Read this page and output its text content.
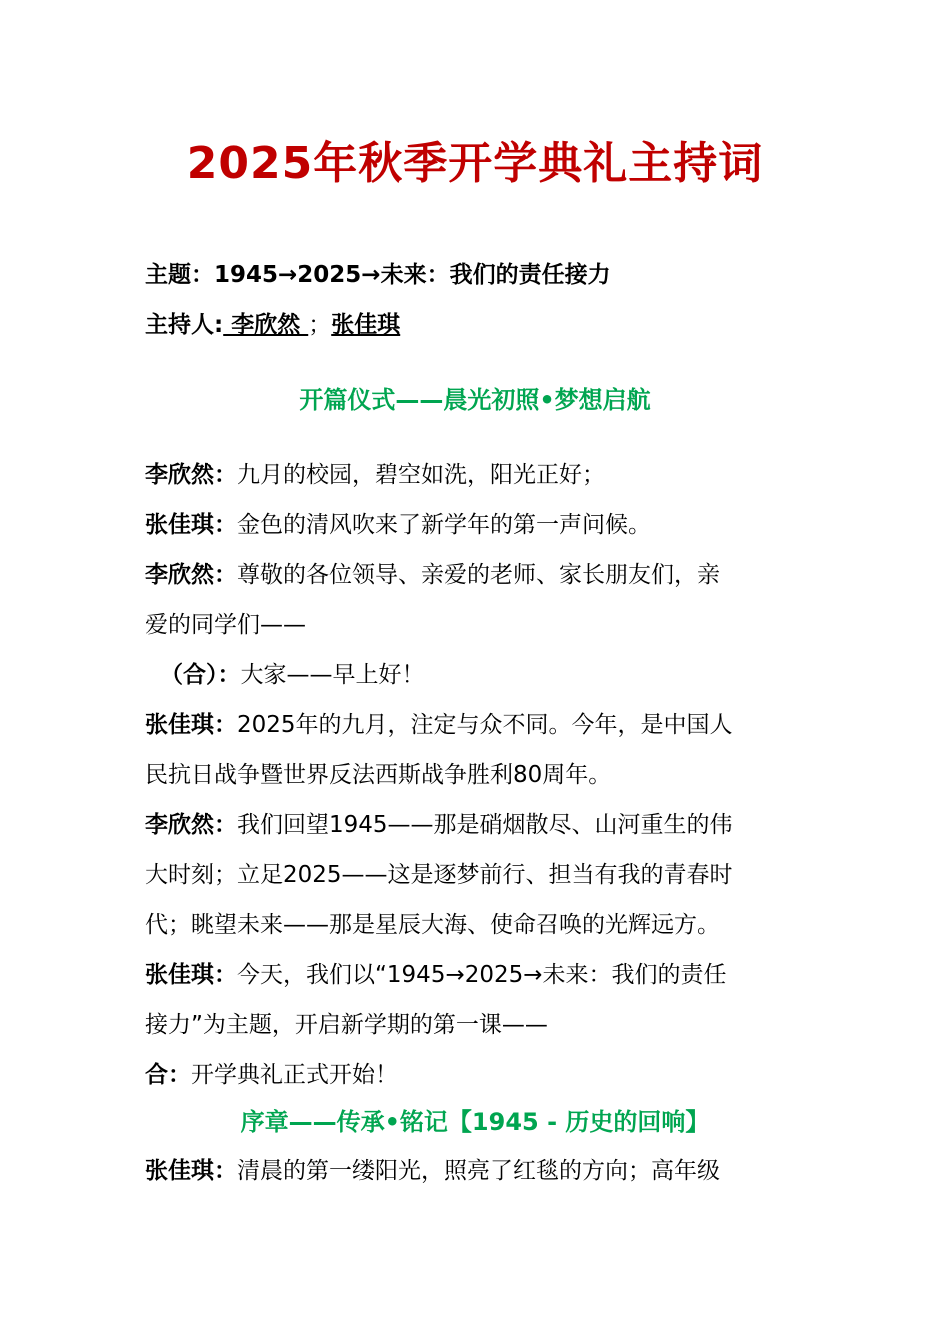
2025年秋季开学典礼主持词
主题：1945→2025→未来：我们的责任接力
主持人: 李欣然 ；张佳琪
开篇仪式——晨光初照•梦想启航
李欣然：九月的校园，碧空如洗，阳光正好；
张佳琪：金色的清风吹来了新学年的第一声问候。
李欣然：尊敬的各位领导、亲爱的老师、家长朋友们，亲
爱的同学们——
（合）：大家——早上好！
张佳琪：2025年的九月，注定与众不同。今年，是中国人
民抗日战争暨世界反法西斯战争胜利80周年。
李欣然：我们回望1945——那是硝烟散尽、山河重生的伟
大时刻；立足2025——这是逐梦前行、担当有我的青春时
代；眺望未来——那是星辰大海、使命召唤的光辉远方。
张佳琪：今天，我们以“1945→2025→未来：我们的责任
接力”为主题，开启新学期的第一课——
合：开学典礼正式开始！
序章——传承•铭记【1945 - 历史的回响】
张佳琪：清晨的第一缕阳光，照亮了红毯的方向；高年级
